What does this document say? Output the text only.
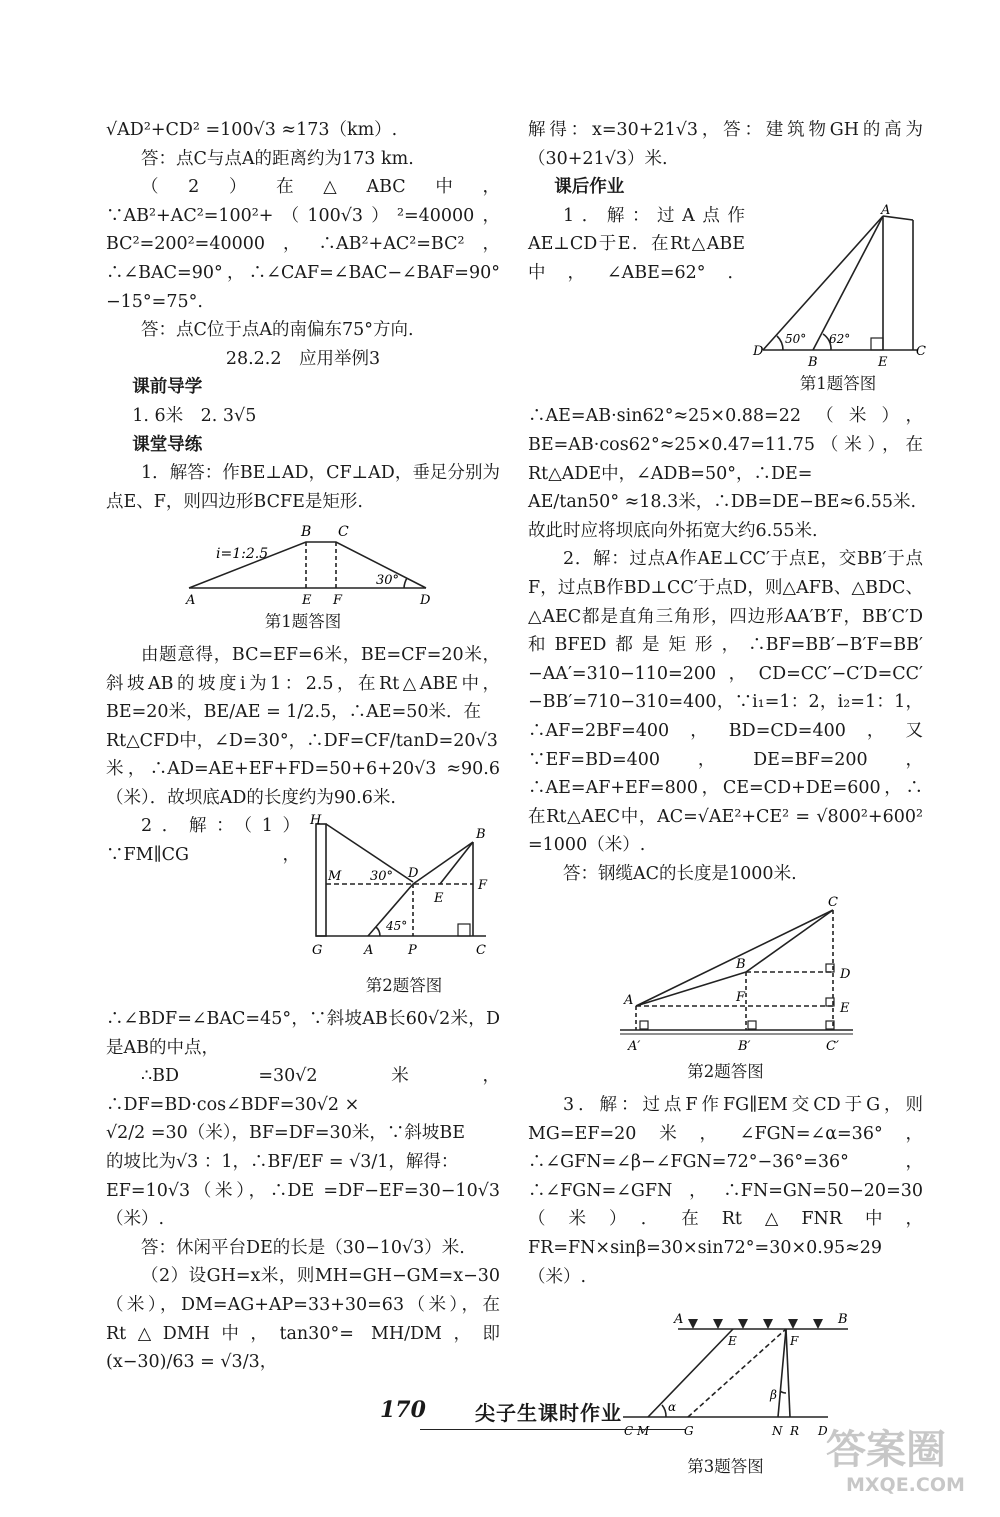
√AD²+CD² =100√3 ≈173（km）.

答：点C与点A的距离约为173 km.

（2）在△ABC中，∵AB²+AC²=100²+（100√3）²=40000，BC²=200²=40000，∴AB²+AC²=BC²，∴∠BAC=90°，∴∠CAF=∠BAC−∠BAF=90°−15°=75°.

答：点C位于点A的南偏东75°方向.

28.2.2　应用举例3

课前导学

1. 6米　2. 3√5

课堂导练

1．解答：作BE⊥AD，CF⊥AD，垂足分别为点E、F，则四边形BCFE是矩形.

B C
i=1:2.5
30°
A	E F	D

第1题答图

由题意得，BC=EF=6米，BE=CF=20米，斜坡AB的坡度i为1：2.5，在Rt△ABE中，BE=20米，BE/AE = 1/2.5，∴AE=50米．在

Rt△CFD中，∠D=30°，∴DF=CF/tanD=20√3

米，∴AD=AE+EF+FD=50+6+20√3 ≈90.6（米）．故坝底AD的长度约为90.6米.

H
B
M 30° D
F
E
45°
G	A	P	C

第2题答图

2．解：（1）∵FM∥CG，∴∠BDF=∠BAC=45°，∵斜坡AB长60√2米，D是AB的中点，

∴BD =30√2米，∴DF=BD·cos∠BDF=30√2 ×

√2/2 =30（米），BF=DF=30米，∵斜坡BE

的坡比为√3 ：1，∴BF/EF = √3/1，解得：

EF=10√3（米），∴DE =DF−EF=30−10√3（米）.

答：休闲平台DE的长是（30−10√3）米.

（2）设GH=x米，则MH=GH−GM=x−30（米），DM=AG+AP=33+30=63（米），在Rt△DMH中，tan30°= MH/DM，即 (x−30)/63 = √3/3，

解得：x=30+21√3，答：建筑物GH的高为（30+21√3）米.

课后作业

A
50° 62°
D
B	E
C

第1题答图

1．解：过A点作AE⊥CD于E．在Rt△ABE中，∠ABE=62°．∴AE=AB·sin62°≈25×0.88=22（米），BE=AB·cos62°≈25×0.47=11.75（米），在Rt△ADE中，∠ADB=50°，∴DE=

AE/tan50° ≈18.3米，∴DB=DE−BE≈6.55米.

故此时应将坝底向外拓宽大约6.55米.

2．解：过点A作AE⊥CC′于点E，交BB′于点F，过点B作BD⊥CC′于点D，则△AFB、△BDC、△AEC都是直角三角形，四边形AA′B′F，BB′C′D和BFED都是矩形，∴BF=BB′−B′F=BB′−AA′=310−110=200，CD=CC′−C′D=CC′−BB′=710−310=400，∵i₁=1：2，i₂=1：1，∴AF=2BF=400，BD=CD=400，又∵EF=BD=400，DE=BF=200，∴AE=AF+EF=800，CE=CD+DE=600，∴在Rt△AEC中，AC=√AE²+CE² = √800²+600² =1000（米）.

答：钢缆AC的长度是1000米.

C
B
D
A	F
E
A′	B′	C′

第2题答图

3．解：过点F作FG∥EM交CD于G，则MG=EF=20米，∠FGN=∠α=36°，∴∠GFN=∠β−∠FGN=72°−36°=36°，∴∠FGN=∠GFN，∴FN=GN=50−20=30（米）．在Rt△FNR中，FR=FN×sinβ=30×sin72°=30×0.95≈29（米）.

A
E	F
B
α
β
C M	G	N R D

第3题答图

170 尖子生课时作业
答案圈
MXQE.COM
